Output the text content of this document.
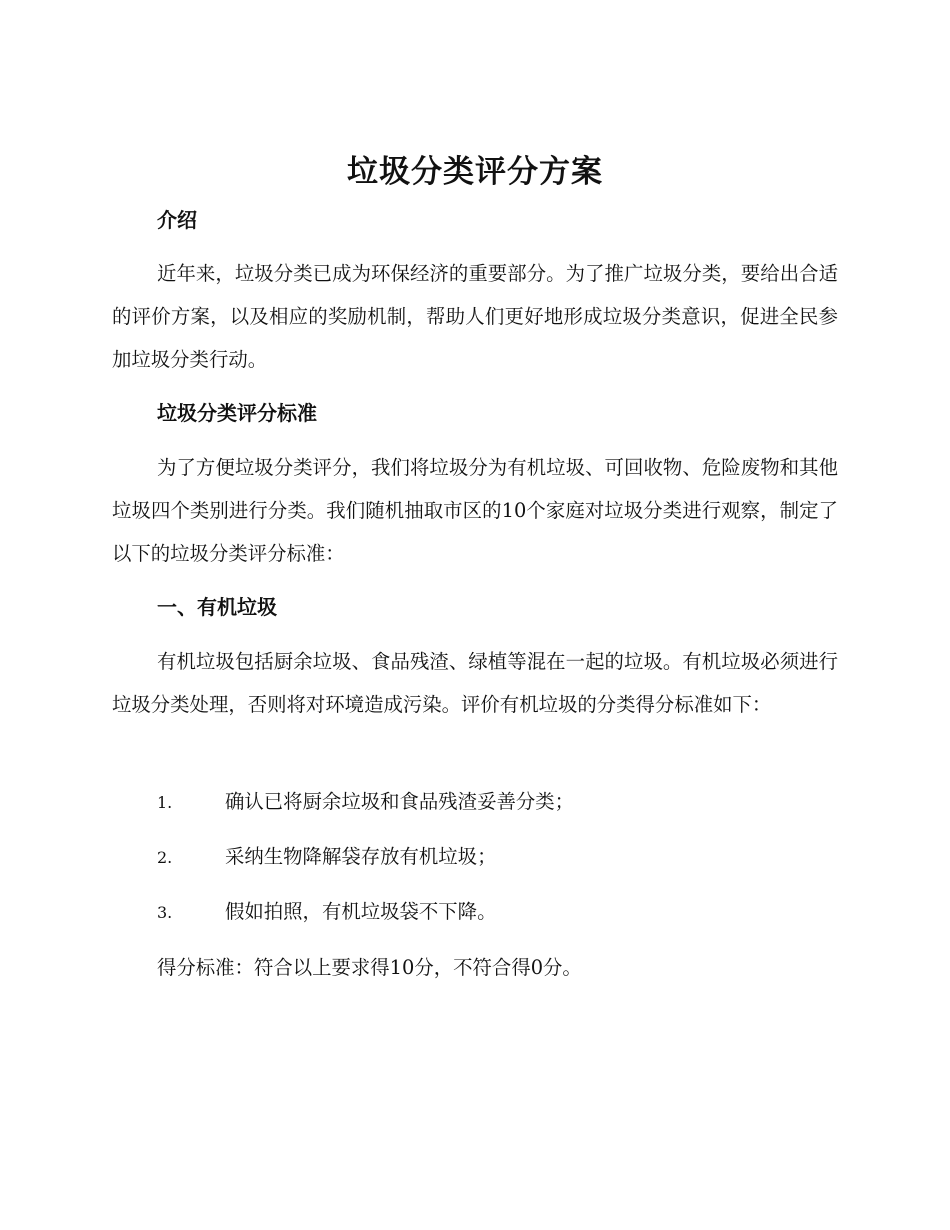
垃圾分类评分方案
介绍

近年来，垃圾分类已成为环保经济的重要部分。为了推广垃圾分类，要给出合适的评价方案，以及相应的奖励机制，帮助人们更好地形成垃圾分类意识，促进全民参加垃圾分类行动。

垃圾分类评分标准

为了方便垃圾分类评分，我们将垃圾分为有机垃圾、可回收物、危险废物和其他垃圾四个类别进行分类。我们随机抽取市区的10个家庭对垃圾分类进行观察，制定了以下的垃圾分类评分标准：

一、有机垃圾

有机垃圾包括厨余垃圾、食品残渣、绿植等混在一起的垃圾。有机垃圾必须进行垃圾分类处理，否则将对环境造成污染。评价有机垃圾的分类得分标准如下：

1.	确认已将厨余垃圾和食品残渣妥善分类；
2.	采纳生物降解袋存放有机垃圾；
3.	假如拍照，有机垃圾袋不下降。
得分标准：符合以上要求得10分，不符合得0分。
